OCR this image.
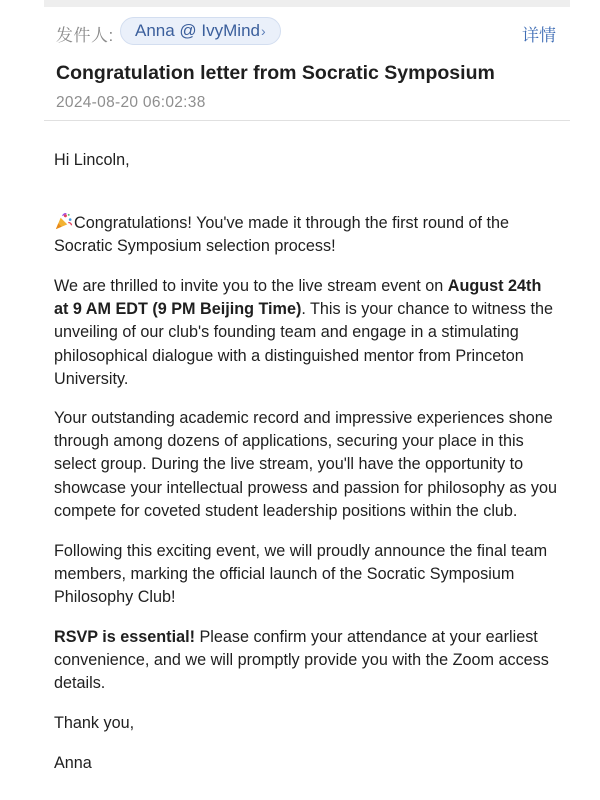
发件人: Anna @ IvyMind ›	详情
Congratulation letter from Socratic Symposium
2024-08-20 06:02:38

Hi Lincoln,

Congratulations! You've made it through the first round of the Socratic Symposium selection process!

We are thrilled to invite you to the live stream event on August 24th at 9 AM EDT (9 PM Beijing Time). This is your chance to witness the unveiling of our club's founding team and engage in a stimulating philosophical dialogue with a distinguished mentor from Princeton University.

Your outstanding academic record and impressive experiences shone through among dozens of applications, securing your place in this select group. During the live stream, you'll have the opportunity to showcase your intellectual prowess and passion for philosophy as you compete for coveted student leadership positions within the club.

Following this exciting event, we will proudly announce the final team members, marking the official launch of the Socratic Symposium Philosophy Club!

RSVP is essential! Please confirm your attendance at your earliest convenience, and we will promptly provide you with the Zoom access details.

Thank you,

Anna
